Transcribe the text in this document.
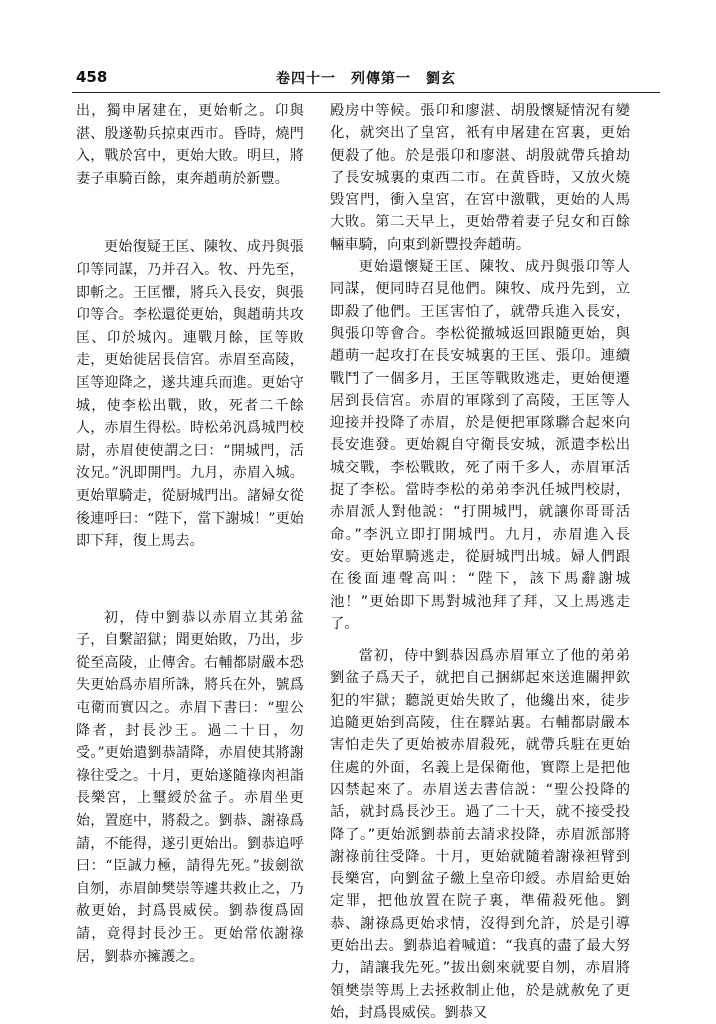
458	卷四十一　列傳第一　劉玄

出，獨申屠建在，更始斬之。卬與湛、殷遂勒兵掠東西市。昏時，燒門入，戰於宮中，更始大敗。明旦，將妻子車騎百餘，東奔趙萌於新豐。

更始復疑王匡、陳牧、成丹與張卬等同謀，乃并召入。牧、丹先至，即斬之。王匡懼，將兵入長安，與張卬等合。李松還從更始，與趙萌共攻匡、卬於城內。連戰月餘，匡等敗走，更始徙居長信宮。赤眉至高陵，匡等迎降之，遂共連兵而進。更始守城，使李松出戰，敗，死者二千餘人，赤眉生得松。時松弟汎爲城門校尉，赤眉使使謂之曰：“開城門，活汝兄。”汎即開門。九月，赤眉入城。更始單騎走，從厨城門出。諸婦女從後連呼曰：“陛下，當下謝城！”更始即下拜，復上馬去。

初，侍中劉恭以赤眉立其弟盆子，自繫詔獄；聞更始敗，乃出，步從至高陵，止傳舍。右輔都尉嚴本恐失更始爲赤眉所誅，將兵在外，號爲屯衛而實囚之。赤眉下書曰：“聖公降者，封長沙王。過二十日，勿受。”更始遣劉恭請降，赤眉使其將謝祿往受之。十月，更始遂隨祿肉袒詣長樂宮，上璽綬於盆子。赤眉坐更始，置庭中，將殺之。劉恭、謝祿爲請，不能得，遂引更始出。劉恭追呼曰：“臣誠力極，請得先死。”拔劍欲自刎，赤眉帥樊崇等遽共救止之，乃赦更始，封爲畏威侯。劉恭復爲固請，竟得封長沙王。更始常依謝祿居，劉恭亦擁護之。

殿房中等候。張卬和廖湛、胡殷懷疑情況有變化，就突出了皇宮，衹有申屠建在宮裏，更始便殺了他。於是張卬和廖湛、胡殷就帶兵搶劫了長安城裏的東西二市。在黄昏時，又放火燒毁宮門，衝入皇宮，在宮中激戰，更始的人馬大敗。第二天早上，更始帶着妻子兒女和百餘輛車騎，向東到新豐投奔趙萌。

更始還懷疑王匡、陳牧、成丹與張卬等人同謀，便同時召見他們。陳牧、成丹先到，立即殺了他們。王匡害怕了，就帶兵進入長安，與張卬等會合。李松從撤城返回跟隨更始，與趙萌一起攻打在長安城裏的王匡、張卬。連續戰鬥了一個多月，王匡等戰敗逃走，更始便遷居到長信宮。赤眉的軍隊到了高陵，王匡等人迎接并投降了赤眉，於是便把軍隊聯合起來向長安進發。更始親自守衛長安城，派遣李松出城交戰，李松戰敗，死了兩千多人，赤眉軍活捉了李松。當時李松的弟弟李汎任城門校尉，赤眉派人對他説：“打開城門，就讓你哥哥活命。”李汎立即打開城門。九月，赤眉進入長安。更始單騎逃走，從厨城門出城。婦人們跟在後面連聲高叫：“陛下，該下馬辭謝城池！”更始即下馬對城池拜了拜，又上馬逃走了。

當初，侍中劉恭因爲赤眉軍立了他的弟弟劉盆子爲天子，就把自己捆綁起來送進關押欽犯的牢獄；聽説更始失敗了，他纔出來，徒步追隨更始到高陵，住在驛站裏。右輔都尉嚴本害怕走失了更始被赤眉殺死，就帶兵駐在更始住處的外面，名義上是保衛他，實際上是把他囚禁起來了。赤眉送去書信説：“聖公投降的話，就封爲長沙王。過了二十天，就不接受投降了。”更始派劉恭前去請求投降，赤眉派部將謝祿前往受降。十月，更始就隨着謝祿袒臂到長樂宮，向劉盆子繳上皇帝印綬。赤眉給更始定罪，把他放置在院子裏，準備殺死他。劉恭、謝祿爲更始求情，沒得到允許，於是引導更始出去。劉恭追着喊道：“我真的盡了最大努力，請讓我先死。”拔出劍來就要自刎，赤眉將領樊崇等馬上去拯救制止他，於是就赦免了更始，封爲畏威侯。劉恭又
